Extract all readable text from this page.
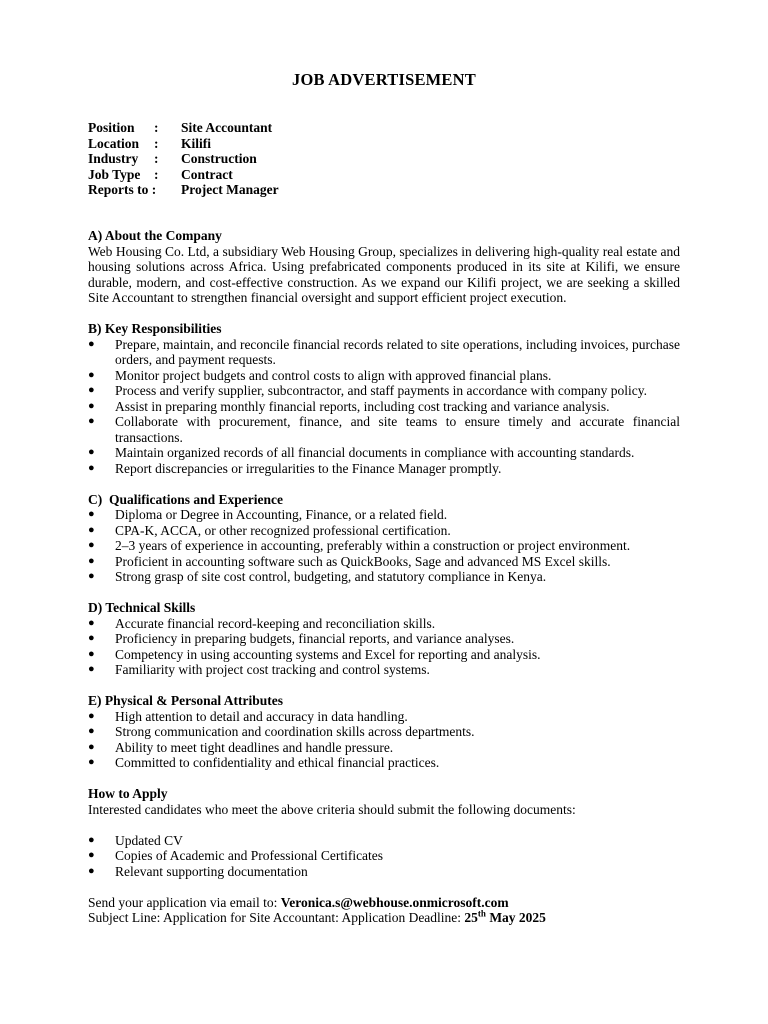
JOB ADVERTISEMENT
Position	:	Site Accountant
Location	:	Kilifi
Industry	:	Construction
Job Type	:	Contract
Reports to :	Project Manager
A) About the Company
Web Housing Co. Ltd, a subsidiary Web Housing Group, specializes in delivering high-quality real estate and housing solutions across Africa. Using prefabricated components produced in its site at Kilifi, we ensure durable, modern, and cost-effective construction. As we expand our Kilifi project, we are seeking a skilled Site Accountant to strengthen financial oversight and support efficient project execution.
B) Key Responsibilities
● Prepare, maintain, and reconcile financial records related to site operations, including invoices, purchase orders, and payment requests.
● Monitor project budgets and control costs to align with approved financial plans.
● Process and verify supplier, subcontractor, and staff payments in accordance with company policy.
● Assist in preparing monthly financial reports, including cost tracking and variance analysis.
● Collaborate with procurement, finance, and site teams to ensure timely and accurate financial transactions.
● Maintain organized records of all financial documents in compliance with accounting standards.
● Report discrepancies or irregularities to the Finance Manager promptly.
C)  Qualifications and Experience
● Diploma or Degree in Accounting, Finance, or a related field.
● CPA-K, ACCA, or other recognized professional certification.
● 2–3 years of experience in accounting, preferably within a construction or project environment.
● Proficient in accounting software such as QuickBooks, Sage and advanced MS Excel skills.
● Strong grasp of site cost control, budgeting, and statutory compliance in Kenya.
D) Technical Skills
● Accurate financial record-keeping and reconciliation skills.
● Proficiency in preparing budgets, financial reports, and variance analyses.
● Competency in using accounting systems and Excel for reporting and analysis.
● Familiarity with project cost tracking and control systems.
E) Physical & Personal Attributes
● High attention to detail and accuracy in data handling.
● Strong communication and coordination skills across departments.
● Ability to meet tight deadlines and handle pressure.
● Committed to confidentiality and ethical financial practices.
How to Apply
Interested candidates who meet the above criteria should submit the following documents:
● Updated CV
● Copies of Academic and Professional Certificates
● Relevant supporting documentation
Send your application via email to: Veronica.s@webhouse.onmicrosoft.com
Subject Line: Application for Site Accountant: Application Deadline: 25th May 2025
